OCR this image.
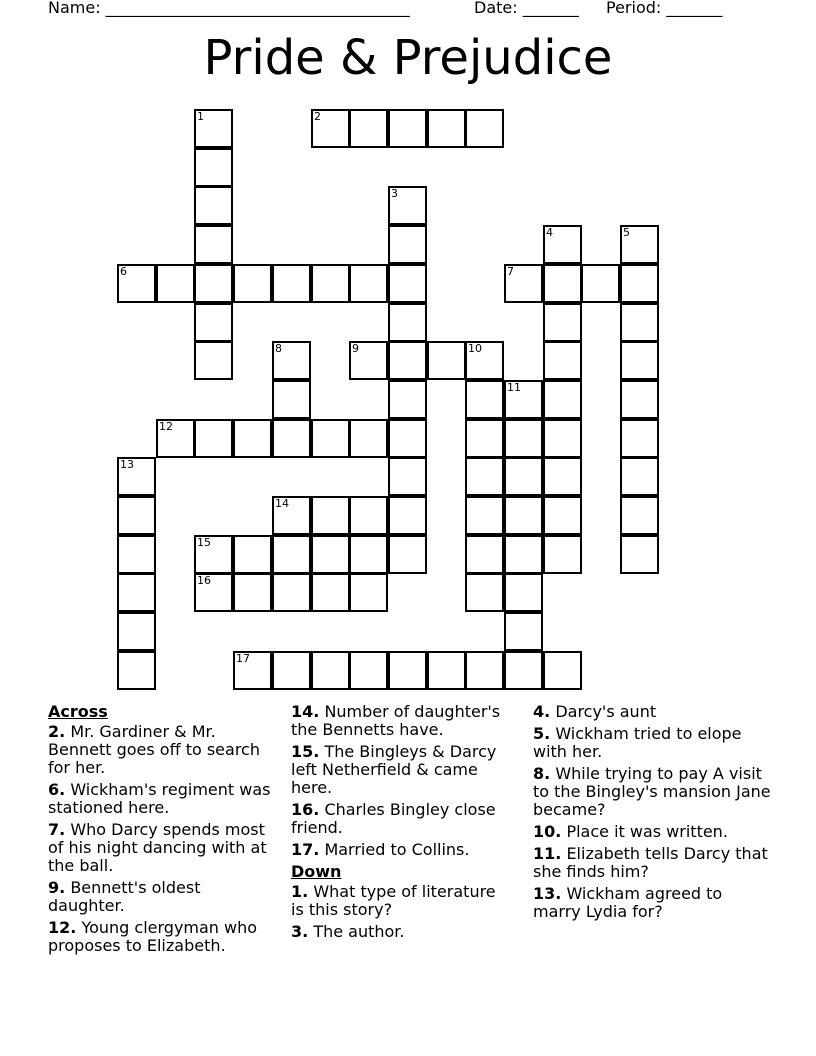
Name: ______________________________________	Date: _______ Period: _______
Pride & Prejudice
1	2
3
4	5
6	7
8	9	10
11
12
13
14
15
16
17
Across
2. Mr. Gardiner & Mr. Bennett goes off to search for her.
6. Wickham's regiment was stationed here.
7. Who Darcy spends most of his night dancing with at the ball.
9. Bennett's oldest daughter.
12. Young clergyman who proposes to Elizabeth.
14. Number of daughter's the Bennetts have.
15. The Bingleys & Darcy left Netherfield & came here.
16. Charles Bingley close friend.
17. Married to Collins.
Down
1. What type of literature is this story?
3. The author.
4. Darcy's aunt
5. Wickham tried to elope with her.
8. While trying to pay A visit to the Bingley's mansion Jane became?
10. Place it was written.
11. Elizabeth tells Darcy that she finds him?
13. Wickham agreed to marry Lydia for?
